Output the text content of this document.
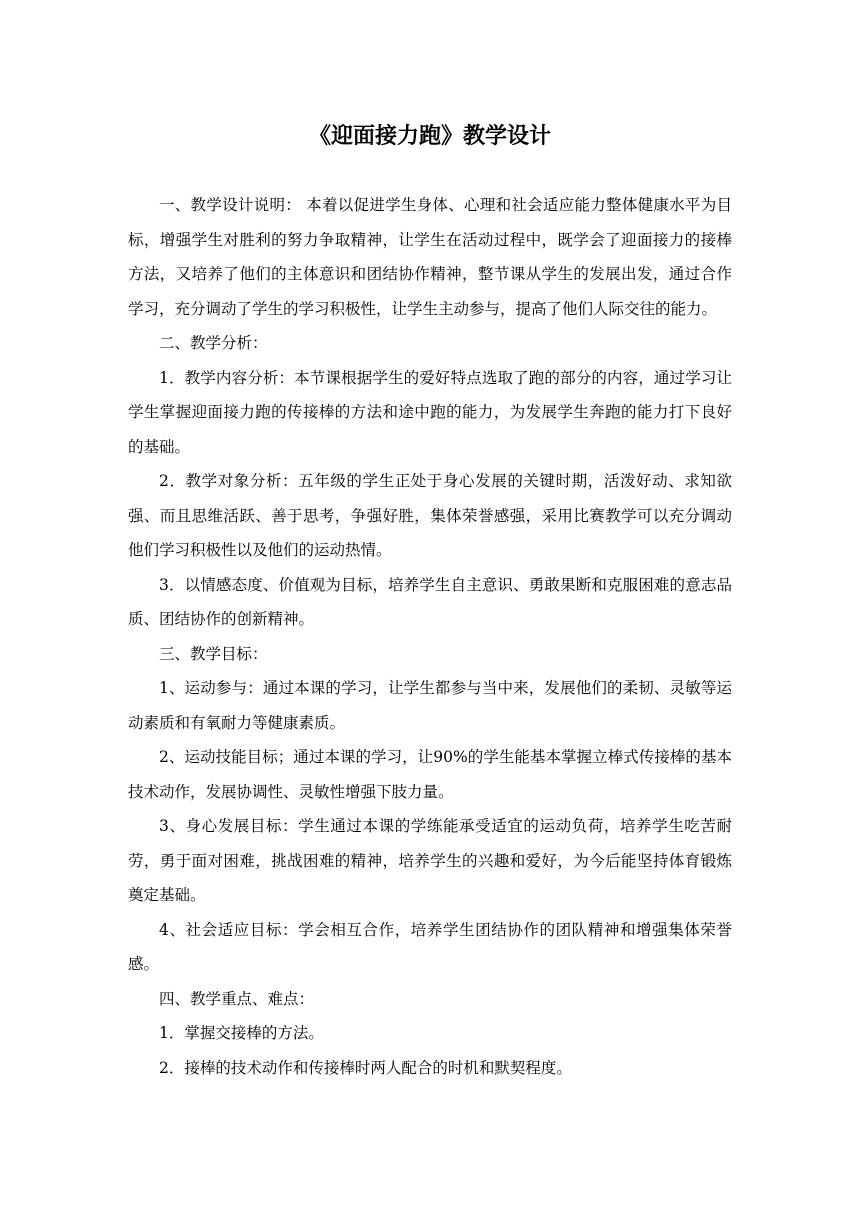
《迎面接力跑》教学设计

一、教学设计说明： 本着以促进学生身体、心理和社会适应能力整体健康水平为目标，增强学生对胜利的努力争取精神，让学生在活动过程中，既学会了迎面接力的接棒方法，又培养了他们的主体意识和团结协作精神，整节课从学生的发展出发，通过合作学习，充分调动了学生的学习积极性，让学生主动参与，提高了他们人际交往的能力。

二、教学分析：

1．教学内容分析：本节课根据学生的爱好特点选取了跑的部分的内容，通过学习让学生掌握迎面接力跑的传接棒的方法和途中跑的能力，为发展学生奔跑的能力打下良好的基础。

2．教学对象分析：五年级的学生正处于身心发展的关键时期，活泼好动、求知欲强、而且思维活跃、善于思考，争强好胜，集体荣誉感强，采用比赛教学可以充分调动他们学习积极性以及他们的运动热情。

3．以情感态度、价值观为目标，培养学生自主意识、勇敢果断和克服困难的意志品质、团结协作的创新精神。

三、教学目标：

1、运动参与：通过本课的学习，让学生都参与当中来，发展他们的柔韧、灵敏等运动素质和有氧耐力等健康素质。

2、运动技能目标；通过本课的学习，让90%的学生能基本掌握立棒式传接棒的基本技术动作，发展协调性、灵敏性增强下肢力量。

3、身心发展目标：学生通过本课的学练能承受适宜的运动负荷，培养学生吃苦耐劳，勇于面对困难，挑战困难的精神，培养学生的兴趣和爱好，为今后能坚持体育锻炼奠定基础。

4、社会适应目标：学会相互合作，培养学生团结协作的团队精神和增强集体荣誉感。

四、教学重点、难点：

1．掌握交接棒的方法。

2．接棒的技术动作和传接棒时两人配合的时机和默契程度。
